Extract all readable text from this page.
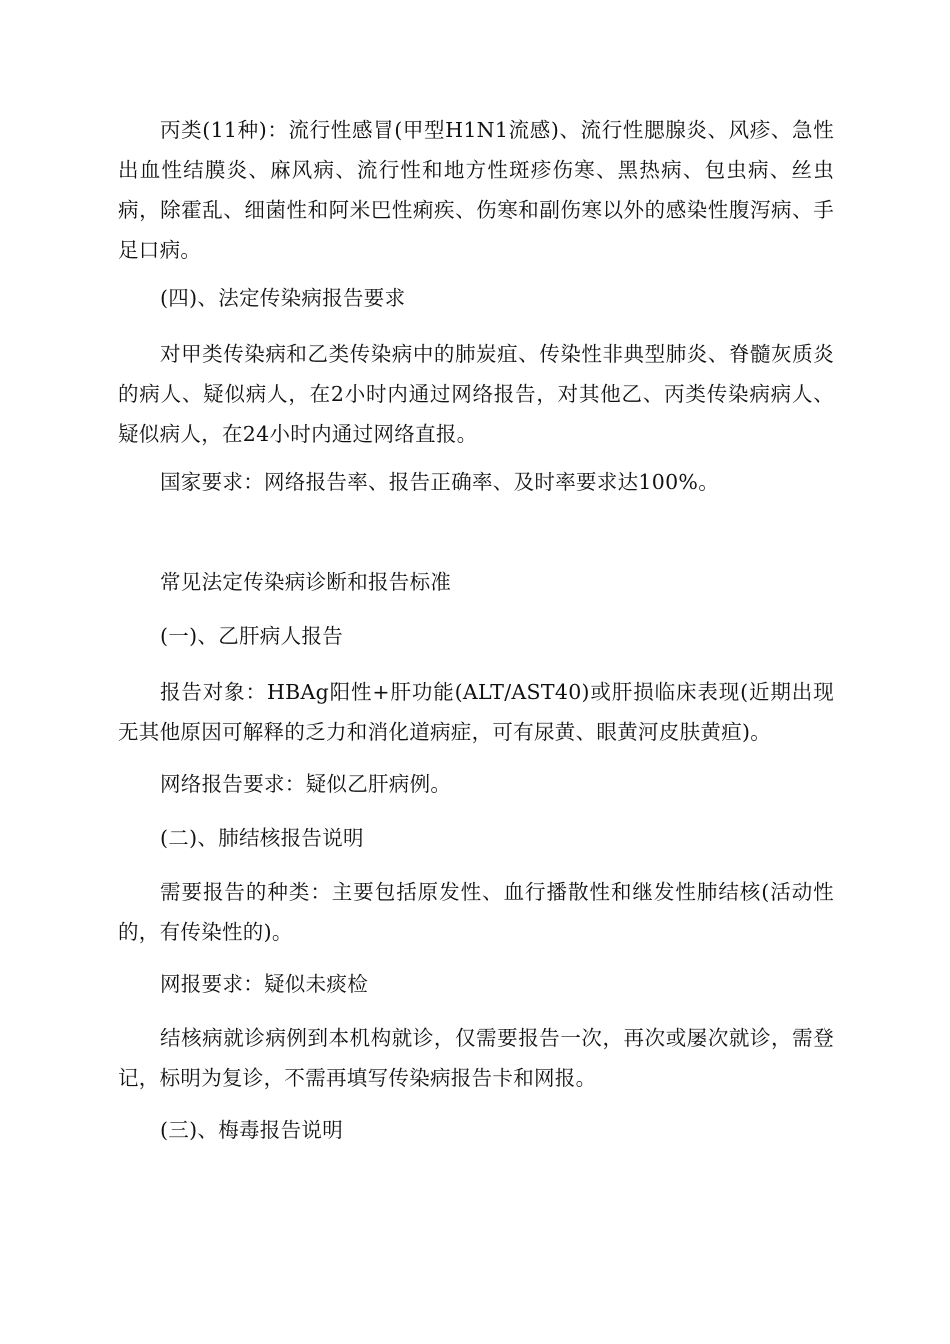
丙类(11种)：流行性感冒(甲型H1N1流感)、流行性腮腺炎、风疹、急性出血性结膜炎、麻风病、流行性和地方性斑疹伤寒、黑热病、包虫病、丝虫病，除霍乱、细菌性和阿米巴性痢疾、伤寒和副伤寒以外的感染性腹泻病、手足口病。

(四)、法定传染病报告要求

对甲类传染病和乙类传染病中的肺炭疽、传染性非典型肺炎、脊髓灰质炎的病人、疑似病人，在2小时内通过网络报告，对其他乙、丙类传染病病人、疑似病人，在24小时内通过网络直报。

国家要求：网络报告率、报告正确率、及时率要求达100%。

常见法定传染病诊断和报告标准

(一)、乙肝病人报告

报告对象：HBAg阳性+肝功能(ALT/AST40)或肝损临床表现(近期出现无其他原因可解释的乏力和消化道病症，可有尿黄、眼黄河皮肤黄疸)。

网络报告要求：疑似乙肝病例。

(二)、肺结核报告说明

需要报告的种类：主要包括原发性、血行播散性和继发性肺结核(活动性的，有传染性的)。

网报要求：疑似未痰检

结核病就诊病例到本机构就诊，仅需要报告一次，再次或屡次就诊，需登记，标明为复诊，不需再填写传染病报告卡和网报。

(三)、梅毒报告说明
